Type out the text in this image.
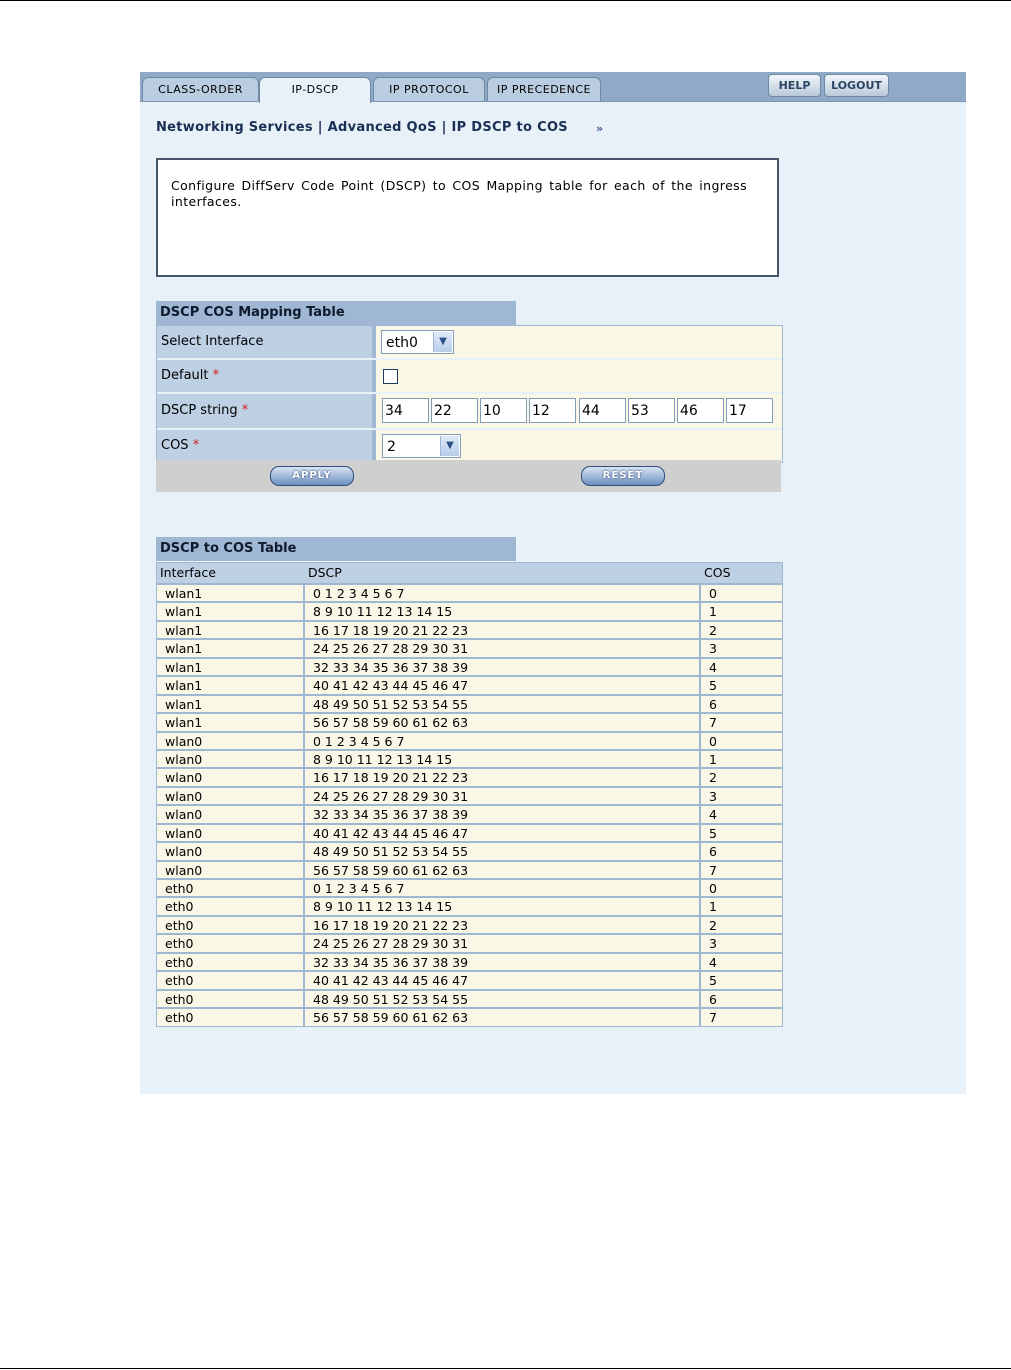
CLASS-ORDER	IP-DSCP	IP PROTOCOL	IP PRECEDENCE	HELP	LOGOUT
Networking Services | Advanced QoS | IP DSCP to COS	»

Configure DiffServ Code Point (DSCP) to COS Mapping table for each of the ingress interfaces.

DSCP COS Mapping Table
Select Interface	eth0	▼
Default *
DSCP string *	34	22	10	12	44	53	46	17
COS *	2	▼
APPLY	RESET
DSCP to COS Table
Interface	DSCP	COS
wlan1	0 1 2 3 4 5 6 7	0
wlan1	8 9 10 11 12 13 14 15	1
wlan1	16 17 18 19 20 21 22 23	2
wlan1	24 25 26 27 28 29 30 31	3
wlan1	32 33 34 35 36 37 38 39	4
wlan1	40 41 42 43 44 45 46 47	5
wlan1	48 49 50 51 52 53 54 55	6
wlan1	56 57 58 59 60 61 62 63	7
wlan0	0 1 2 3 4 5 6 7	0
wlan0	8 9 10 11 12 13 14 15	1
wlan0	16 17 18 19 20 21 22 23	2
wlan0	24 25 26 27 28 29 30 31	3
wlan0	32 33 34 35 36 37 38 39	4
wlan0	40 41 42 43 44 45 46 47	5
wlan0	48 49 50 51 52 53 54 55	6
wlan0	56 57 58 59 60 61 62 63	7
eth0	0 1 2 3 4 5 6 7	0
eth0	8 9 10 11 12 13 14 15	1
eth0	16 17 18 19 20 21 22 23	2
eth0	24 25 26 27 28 29 30 31	3
eth0	32 33 34 35 36 37 38 39	4
eth0	40 41 42 43 44 45 46 47	5
eth0	48 49 50 51 52 53 54 55	6
eth0	56 57 58 59 60 61 62 63	7
